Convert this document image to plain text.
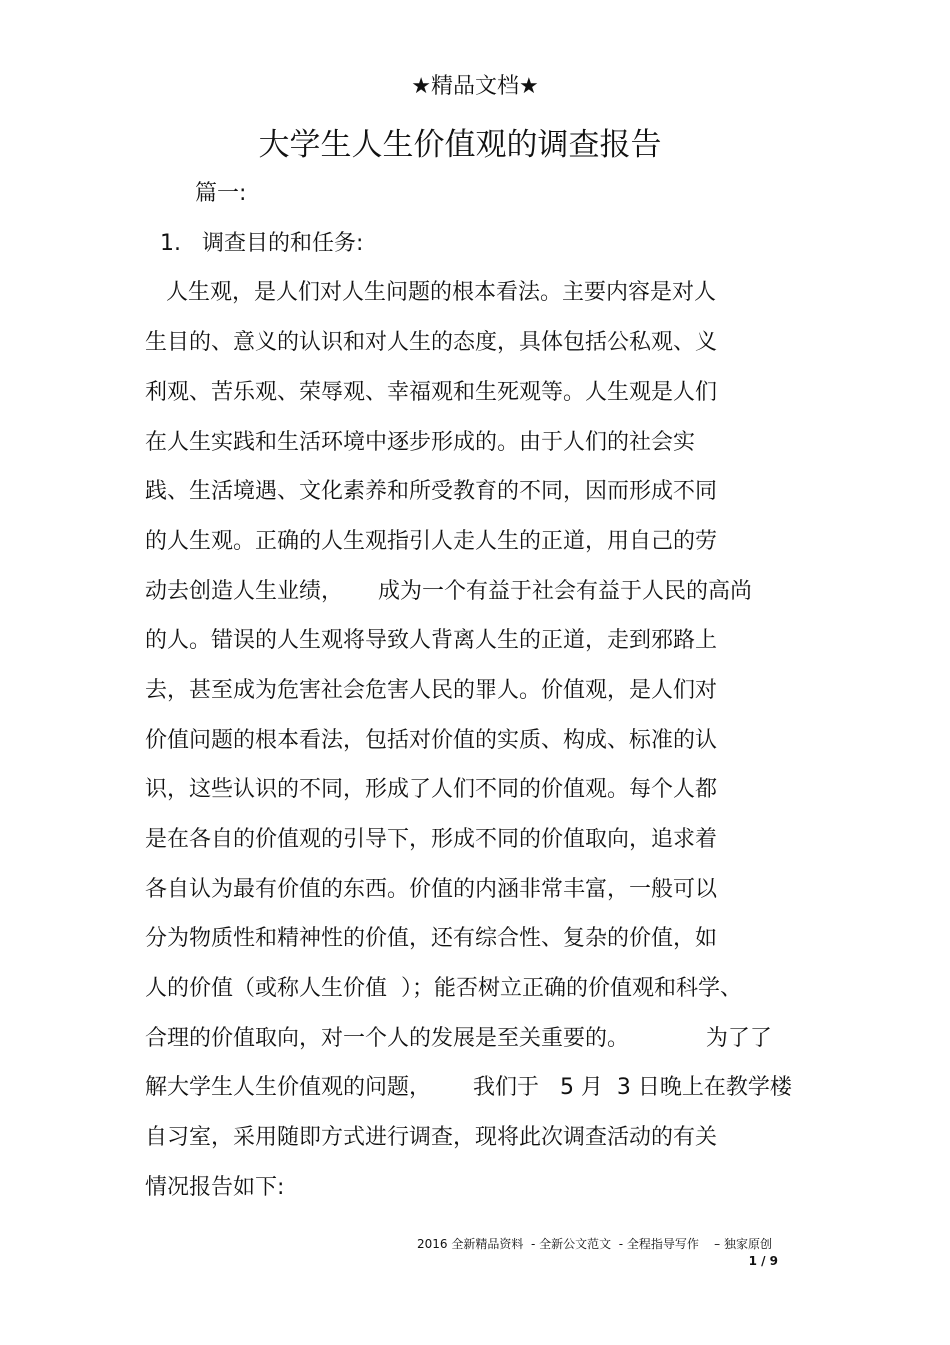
★精品文档★
大学生人生价值观的调查报告
篇一:
1.   调查目的和任务:
人生观，是人们对人生问题的根本看法。主要内容是对人
生目的、意义的认识和对人生的态度，具体包括公私观、义
利观、苦乐观、荣辱观、幸福观和生死观等。人生观是人们
在人生实践和生活环境中逐步形成的。由于人们的社会实
践、生活境遇、文化素养和所受教育的不同，因而形成不同
的人生观。正确的人生观指引人走人生的正道，用自己的劳
动去创造人生业绩，     成为一个有益于社会有益于人民的高尚
的人。错误的人生观将导致人背离人生的正道，走到邪路上
去，甚至成为危害社会危害人民的罪人。价值观，是人们对
价值问题的根本看法，包括对价值的实质、构成、标准的认
识，这些认识的不同，形成了人们不同的价值观。每个人都
是在各自的价值观的引导下，形成不同的价值取向，追求着
各自认为最有价值的东西。价值的内涵非常丰富，一般可以
分为物质性和精神性的价值，还有综合性、复杂的价值，如
人的价值（或称人生价值  ）；能否树立正确的价值观和科学、
合理的价值取向，对一个人的发展是至关重要的。           为了了
解大学生人生价值观的问题，      我们于   5 月  3 日晚上在教学楼
自习室，采用随即方式进行调查，现将此次调查活动的有关
情况报告如下:
2016 全新精品资料  - 全新公文范文  - 全程指导写作    – 独家原创
1 / 9
